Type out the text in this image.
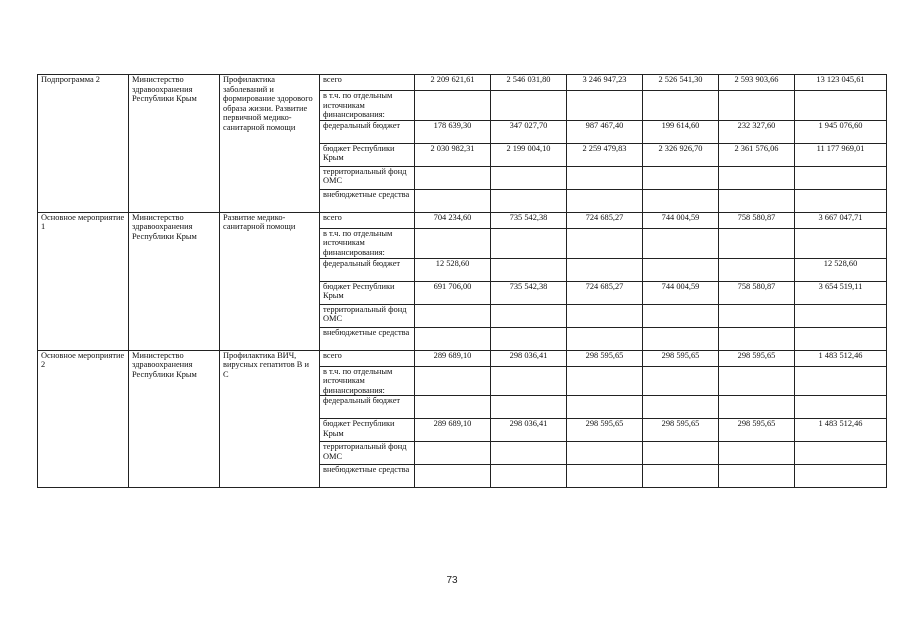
Подпрограмма 2	Министерство здравоохранения Республики Крым	Профилактика заболеваний и формирование здорового образа жизни. Развитие первичной медико-санитарной помощи	всего	2 209 621,61	2 546 031,80	3 246 947,23	2 526 541,30	2 593 903,66	13 123 045,61
			в т.ч. по отдельным источникам финансирования:						
			федеральный бюджет	178 639,30	347 027,70	987 467,40	199 614,60	232 327,60	1 945 076,60
			бюджет Республики Крым	2 030 982,31	2 199 004,10	2 259 479,83	2 326 926,70	2 361 576,06	11 177 969,01
			территориальный фонд ОМС						
			внебюджетные средства						
Основное мероприятие 1	Министерство здравоохранения Республики Крым	Развитие медико-санитарной помощи	всего	704 234,60	735 542,38	724 685,27	744 004,59	758 580,87	3 667 047,71
			в т.ч. по отдельным источникам финансирования:						
			федеральный бюджет	12 528,60					12 528,60
			бюджет Республики Крым	691 706,00	735 542,38	724 685,27	744 004,59	758 580,87	3 654 519,11
			территориальный фонд ОМС						
			внебюджетные средства						
Основное мероприятие 2	Министерство здравоохранения Республики Крым	Профилактика ВИЧ, вирусных гепатитов В и С	всего	289 689,10	298 036,41	298 595,65	298 595,65	298 595,65	1 483 512,46
			в т.ч. по отдельным источникам финансирования:						
			федеральный бюджет						
			бюджет Республики Крым	289 689,10	298 036,41	298 595,65	298 595,65	298 595,65	1 483 512,46
			территориальный фонд ОМС						
			внебюджетные средства						
73
